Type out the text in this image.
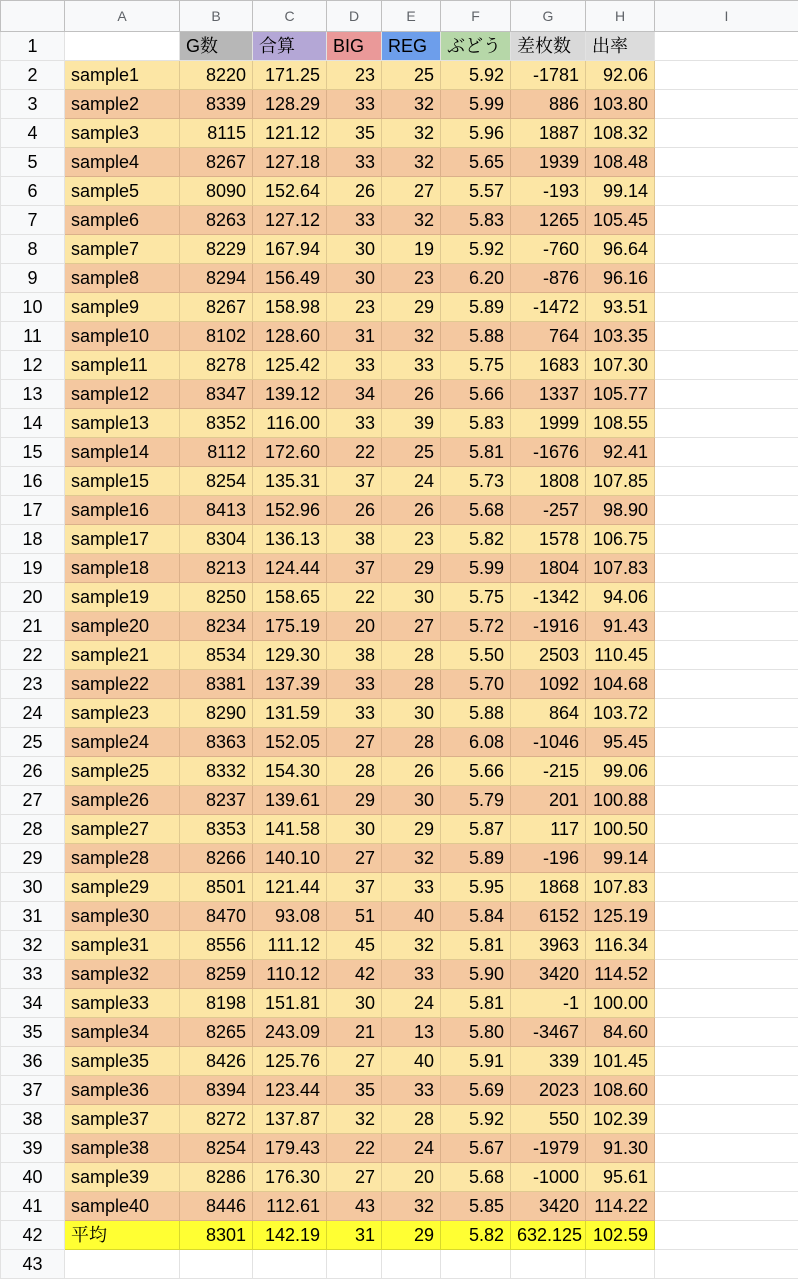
	A	B	C	D	E	F	G	H	I
1		G数	合算	BIG	REG	ぶどう	差枚数	出率	
2	sample1	8220	171.25	23	25	5.92	-1781	92.06	
3	sample2	8339	128.29	33	32	5.99	886	103.80	
4	sample3	8115	121.12	35	32	5.96	1887	108.32	
5	sample4	8267	127.18	33	32	5.65	1939	108.48	
6	sample5	8090	152.64	26	27	5.57	-193	99.14	
7	sample6	8263	127.12	33	32	5.83	1265	105.45	
8	sample7	8229	167.94	30	19	5.92	-760	96.64	
9	sample8	8294	156.49	30	23	6.20	-876	96.16	
10	sample9	8267	158.98	23	29	5.89	-1472	93.51	
11	sample10	8102	128.60	31	32	5.88	764	103.35	
12	sample11	8278	125.42	33	33	5.75	1683	107.30	
13	sample12	8347	139.12	34	26	5.66	1337	105.77	
14	sample13	8352	116.00	33	39	5.83	1999	108.55	
15	sample14	8112	172.60	22	25	5.81	-1676	92.41	
16	sample15	8254	135.31	37	24	5.73	1808	107.85	
17	sample16	8413	152.96	26	26	5.68	-257	98.90	
18	sample17	8304	136.13	38	23	5.82	1578	106.75	
19	sample18	8213	124.44	37	29	5.99	1804	107.83	
20	sample19	8250	158.65	22	30	5.75	-1342	94.06	
21	sample20	8234	175.19	20	27	5.72	-1916	91.43	
22	sample21	8534	129.30	38	28	5.50	2503	110.45	
23	sample22	8381	137.39	33	28	5.70	1092	104.68	
24	sample23	8290	131.59	33	30	5.88	864	103.72	
25	sample24	8363	152.05	27	28	6.08	-1046	95.45	
26	sample25	8332	154.30	28	26	5.66	-215	99.06	
27	sample26	8237	139.61	29	30	5.79	201	100.88	
28	sample27	8353	141.58	30	29	5.87	117	100.50	
29	sample28	8266	140.10	27	32	5.89	-196	99.14	
30	sample29	8501	121.44	37	33	5.95	1868	107.83	
31	sample30	8470	93.08	51	40	5.84	6152	125.19	
32	sample31	8556	111.12	45	32	5.81	3963	116.34	
33	sample32	8259	110.12	42	33	5.90	3420	114.52	
34	sample33	8198	151.81	30	24	5.81	-1	100.00	
35	sample34	8265	243.09	21	13	5.80	-3467	84.60	
36	sample35	8426	125.76	27	40	5.91	339	101.45	
37	sample36	8394	123.44	35	33	5.69	2023	108.60	
38	sample37	8272	137.87	32	28	5.92	550	102.39	
39	sample38	8254	179.43	22	24	5.67	-1979	91.30	
40	sample39	8286	176.30	27	20	5.68	-1000	95.61	
41	sample40	8446	112.61	43	32	5.85	3420	114.22	
42	平均	8301	142.19	31	29	5.82	632.125	102.59	
43									
